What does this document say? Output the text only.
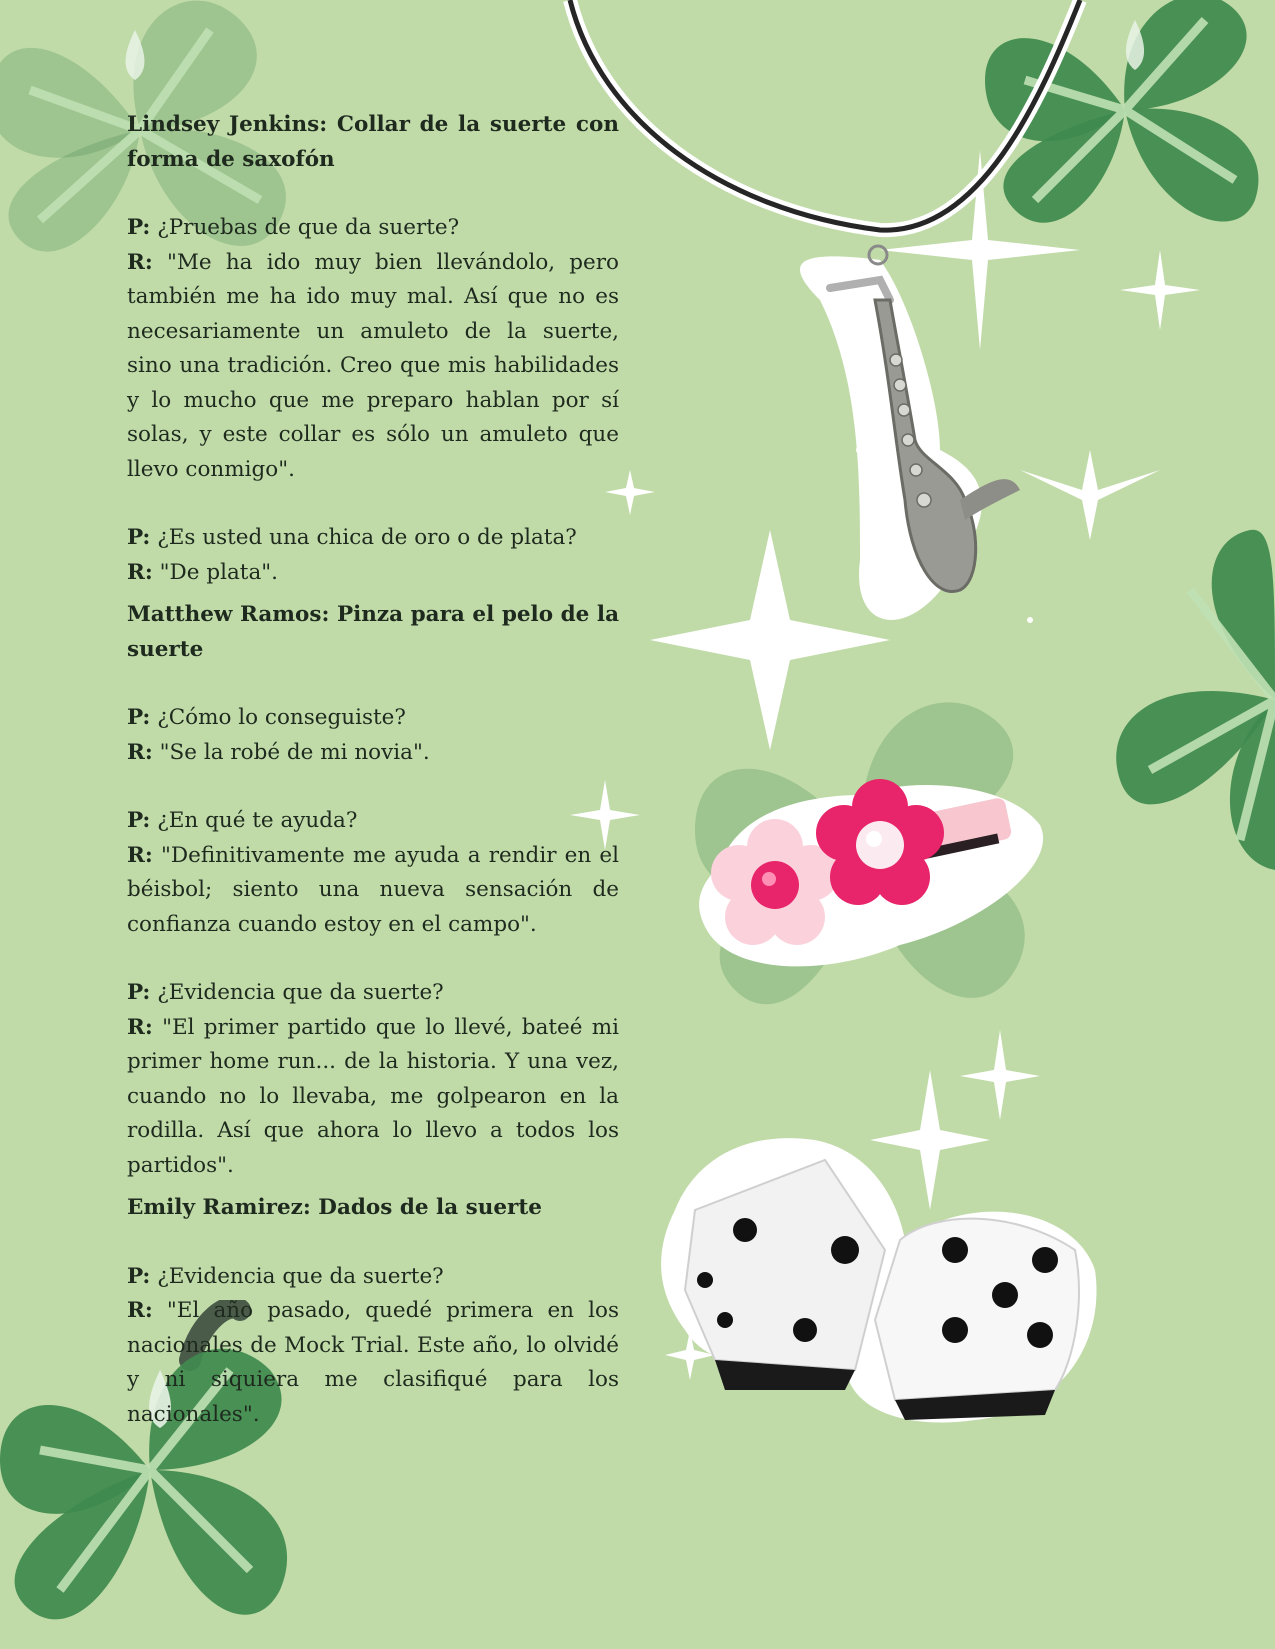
Lindsey Jenkins: Collar de la suerte con forma de saxofón

P: ¿Pruebas de que da suerte?

R: "Me ha ido muy bien llevándolo, pero también me ha ido muy mal. Así que no es necesariamente un amuleto de la suerte, sino una tradición. Creo que mis habilidades y lo mucho que me preparo hablan por sí solas, y este collar es sólo un amuleto que llevo conmigo".

P: ¿Es usted una chica de oro o de plata?

R: "De plata".

Matthew Ramos: Pinza para el pelo de la suerte

P: ¿Cómo lo conseguiste?

R: "Se la robé de mi novia".

P: ¿En qué te ayuda?

R: "Definitivamente me ayuda a rendir en el béisbol; siento una nueva sensación de confianza cuando estoy en el campo".

P: ¿Evidencia que da suerte?

R: "El primer partido que lo llevé, bateé mi primer home run... de la historia. Y una vez, cuando no lo llevaba, me golpearon en la rodilla. Así que ahora lo llevo a todos los partidos".

Emily Ramirez: Dados de la suerte

P: ¿Evidencia que da suerte?

R: "El año pasado, quedé primera en los nacionales de Mock Trial. Este año, lo olvidé y ni siquiera me clasifiqué para los nacionales".
